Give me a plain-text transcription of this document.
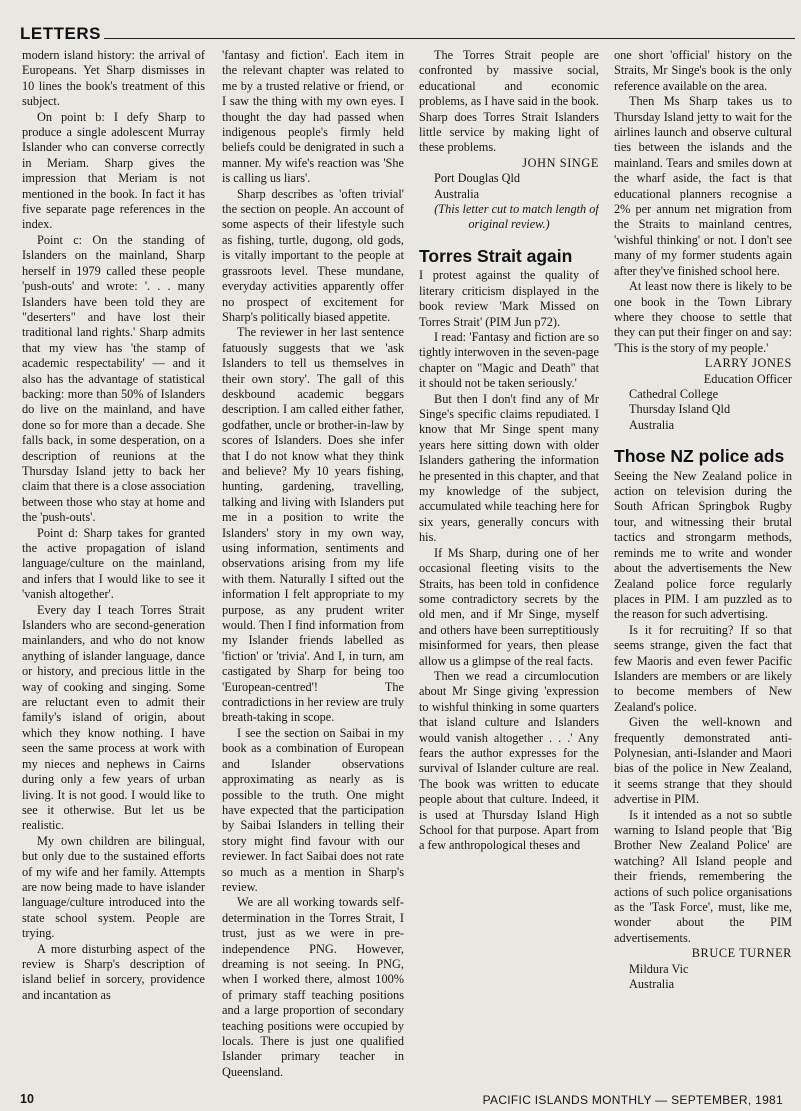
LETTERS

modern island history: the arrival of Europeans. Yet Sharp dismisses in 10 lines the book's treatment of this subject.

On point b: I defy Sharp to produce a single adolescent Murray Islander who can converse correctly in Meriam. Sharp gives the impression that Meriam is not mentioned in the book. In fact it has five separate page references in the index.

Point c: On the standing of Islanders on the mainland, Sharp herself in 1979 called these people 'push-outs' and wrote: '. . . many Islanders have been told they are "deserters" and have lost their traditional land rights.' Sharp admits that my view has 'the stamp of academic respectability' — and it also has the advantage of statistical backing: more than 50% of Islanders do live on the mainland, and have done so for more than a decade. She falls back, in some desperation, on a description of reunions at the Thursday Island jetty to back her claim that there is a close association between those who stay at home and the 'push-outs'.

Point d: Sharp takes for granted the active propagation of island language/culture on the mainland, and infers that I would like to see it 'vanish altogether'.

Every day I teach Torres Strait Islanders who are second-generation mainlanders, and who do not know anything of islander language, dance or history, and precious little in the way of cooking and singing. Some are reluctant even to admit their family's island of origin, about which they know nothing. I have seen the same process at work with my nieces and nephews in Cairns during only a few years of urban living. It is not good. I would like to see it otherwise. But let us be realistic.

My own children are bilingual, but only due to the sustained efforts of my wife and her family. Attempts are now being made to have islander language/culture introduced into the state school system. People are trying.

A more disturbing aspect of the review is Sharp's description of island belief in sorcery, providence and incantation as

'fantasy and fiction'. Each item in the relevant chapter was related to me by a trusted relative or friend, or I saw the thing with my own eyes. I thought the day had passed when indigenous people's firmly held beliefs could be denigrated in such a manner. My wife's reaction was 'She is calling us liars'.

Sharp describes as 'often trivial' the section on people. An account of some aspects of their lifestyle such as fishing, turtle, dugong, old gods, is vitally important to the people at grassroots level. These mundane, everyday activities apparently offer no prospect of excitement for Sharp's politically biased appetite.

The reviewer in her last sentence fatuously suggests that we 'ask Islanders to tell us themselves in their own story'. The gall of this deskbound academic beggars description. I am called either father, godfather, uncle or brother-in-law by scores of Islanders. Does she infer that I do not know what they think and believe? My 10 years fishing, hunting, gardening, travelling, talking and living with Islanders put me in a position to write the Islanders' story in my own way, using information, sentiments and observations arising from my life with them. Naturally I sifted out the information I felt appropriate to my purpose, as any prudent writer would. Then I find information from my Islander friends labelled as 'fiction' or 'trivia'. And I, in turn, am castigated by Sharp for being too 'European-centred'! The contradictions in her review are truly breath-taking in scope.

I see the section on Saibai in my book as a combination of European and Islander observations approximating as nearly as is possible to the truth. One might have expected that the participation by Saibai Islanders in telling their story might find favour with our reviewer. In fact Saibai does not rate so much as a mention in Sharp's review.

We are all working towards self-determination in the Torres Strait, I trust, just as we were in pre-independence PNG. However, dreaming is not seeing. In PNG, when I worked there, almost 100% of primary staff teaching positions and a large proportion of secondary teaching positions were occupied by locals. There is just one qualified Islander primary teacher in Queensland.

The Torres Strait people are confronted by massive social, educational and economic problems, as I have said in the book. Sharp does Torres Strait Islanders little service by making light of these problems.

JOHN SINGE

Port Douglas Qld

Australia

(This letter cut to match length of original review.)

Torres Strait again

I protest against the quality of literary criticism displayed in the book review 'Mark Missed on Torres Strait' (PIM Jun p72).

I read: 'Fantasy and fiction are so tightly interwoven in the seven-page chapter on "Magic and Death" that it should not be taken seriously.'

But then I don't find any of Mr Singe's specific claims repudiated. I know that Mr Singe spent many years here sitting down with older Islanders gathering the information he presented in this chapter, and that my knowledge of the subject, accumulated while teaching here for six years, generally concurs with his.

If Ms Sharp, during one of her occasional fleeting visits to the Straits, has been told in confidence some contradictory secrets by the old men, and if Mr Singe, myself and others have been surreptitiously misinformed for years, then please allow us a glimpse of the real facts.

Then we read a circumlocution about Mr Singe giving 'expression to wishful thinking in some quarters that island culture and Islanders would vanish altogether . . .' Any fears the author expresses for the survival of Islander culture are real. The book was written to educate people about that culture. Indeed, it is used at Thursday Island High School for that purpose. Apart from a few anthropological theses and

one short 'official' history on the Straits, Mr Singe's book is the only reference available on the area.

Then Ms Sharp takes us to Thursday Island jetty to wait for the airlines launch and observe cultural ties between the islands and the mainland. Tears and smiles down at the wharf aside, the fact is that educational planners recognise a 2% per annum net migration from the Straits to mainland centres, 'wishful thinking' or not. I don't see many of my former students again after they've finished school here.

At least now there is likely to be one book in the Town Library where they choose to settle that they can put their finger on and say: 'This is the story of my people.'

LARRY JONES

Education Officer

Cathedral College

Thursday Island Qld

Australia

Those NZ police ads

Seeing the New Zealand police in action on television during the South African Springbok Rugby tour, and witnessing their brutal tactics and strongarm methods, reminds me to write and wonder about the advertisements the New Zealand police force regularly places in PIM. I am puzzled as to the reason for such advertising.

Is it for recruiting? If so that seems strange, given the fact that few Maoris and even fewer Pacific Islanders are members or are likely to become members of New Zealand's police.

Given the well-known and frequently demonstrated anti-Polynesian, anti-Islander and Maori bias of the police in New Zealand, it seems strange that they should advertise in PIM.

Is it intended as a not so subtle warning to Island people that 'Big Brother New Zealand Police' are watching? All Island people and their friends, remembering the actions of such police organisations as the 'Task Force', must, like me, wonder about the PIM advertisements.

BRUCE TURNER

Mildura Vic

Australia

10	PACIFIC ISLANDS MONTHLY — SEPTEMBER, 1981
